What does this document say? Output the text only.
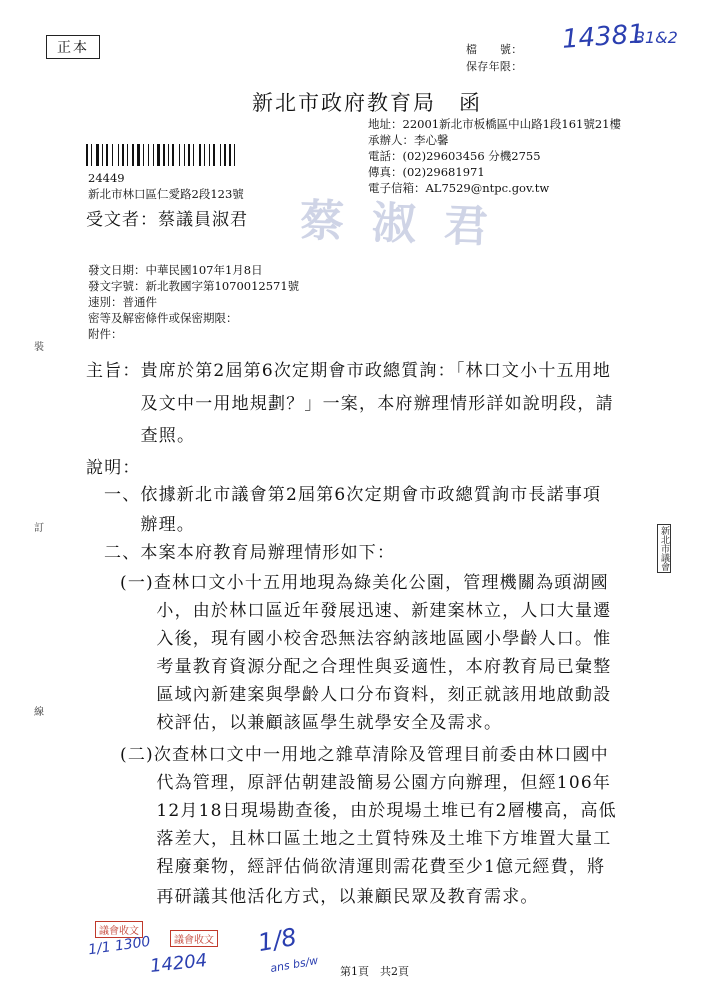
正本	檔　　號：
保存年限：
14381
B1&2
新北市政府教育局　函
地址：22001新北市板橋區中山路1段161號21樓
承辦人：李心馨
電話：(02)29603456 分機2755
傳真：(02)29681971
電子信箱：AL7529@ntpc.gov.tw
24449
新北市林口區仁愛路2段123號
受文者：蔡議員淑君 蔡淑君
發文日期：中華民國107年1月8日
發文字號：新北教國字第1070012571號
速別：普通件
密等及解密條件或保密期限：
附件：
裝
訂
線
主旨：貴席於第2屆第6次定期會市政總質詢：「林口文小十五用地
　　　及文中一用地規劃？」一案，本府辦理情形詳如說明段，請
　　　查照。
說明：
一、依據新北市議會第2屆第6次定期會市政總質詢市長諾事項
　　辦理。
二、本案本府教育局辦理情形如下：
(一)查林口文小十五用地現為綠美化公園，管理機關為頭湖國
　　小，由於林口區近年發展迅速、新建案林立，人口大量遷
　　入後，現有國小校舍恐無法容納該地區國小學齡人口。惟
　　考量教育資源分配之合理性與妥適性，本府教育局已彙整
　　區域內新建案與學齡人口分布資料，刻正就該用地啟動設
　　校評估，以兼顧該區學生就學安全及需求。
(二)次查林口文中一用地之雜草清除及管理目前委由林口國中
　　代為管理，原評估朝建設簡易公園方向辦理，但經106年
　　12月18日現場勘查後，由於現場土堆已有2層樓高，高低
　　落差大，且林口區土地之土質特殊及土堆下方堆置大量工
　　程廢棄物，經評估倘欲清運則需花費至少1億元經費，將
　　再研議其他活化方式，以兼顧民眾及教育需求。
新北市議會
議會收文
1/1 1300	議會收文
14204
1/8
ans bs/w 第1頁　共2頁
